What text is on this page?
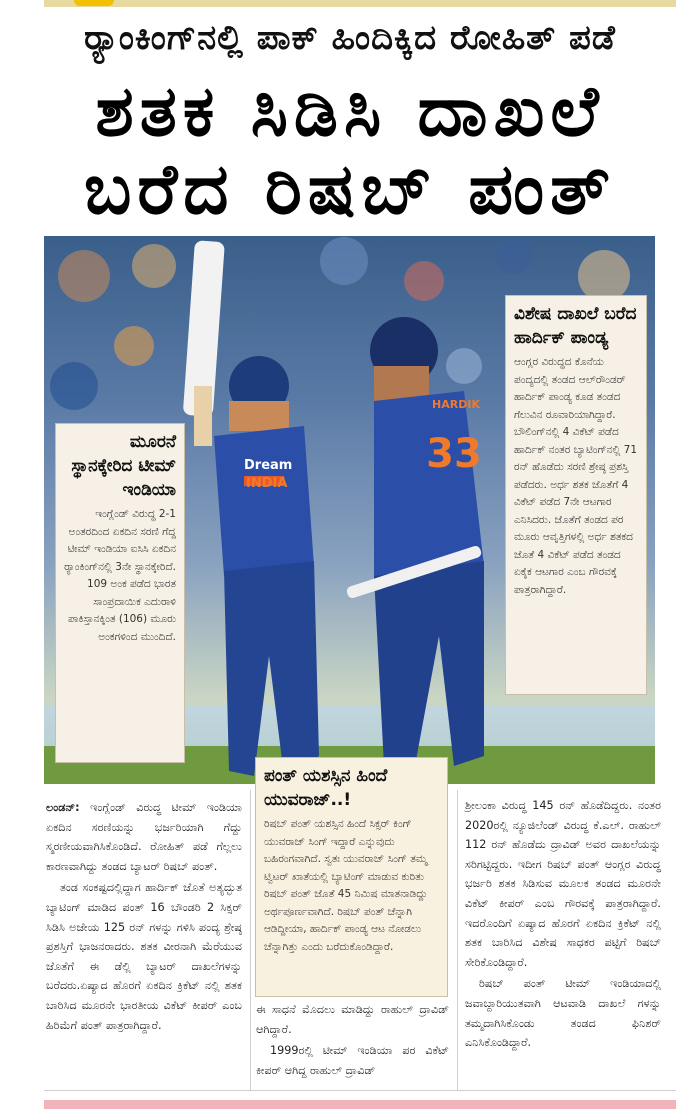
ರ್‍ಯಾಂಕಿಂಗ್‌ನಲ್ಲಿ ಪಾಕ್ ಹಿಂದಿಕ್ಕಿದ ರೋಹಿತ್ ಪಡೆ
ಶತಕ ಸಿಡಿಸಿ ದಾಖಲೆ
ಬರೆದ ರಿಷಬ್ ಪಂತ್
33
HARDIK
Dream
INDIA
ವಿಶೇಷ ದಾಖಲೆ ಬರೆದ ಹಾರ್ದಿಕ್ ಪಾಂಡ್ಯ

ಆಂಗ್ಲರ ವಿರುದ್ಧದ ಕೊನೆಯ ಪಂದ್ಯದಲ್ಲಿ ತಂಡದ ಆಲ್‌ರೌಂಡರ್ ಹಾರ್ದಿಕ್ ಪಾಂಡ್ಯ ಕೂಡ ತಂಡದ ಗೆಲುವಿನ ರೂವಾರಿಯಾಗಿದ್ದಾರೆ. ಬೌಲಿಂಗ್‌ನಲ್ಲಿ 4 ವಿಕೆಟ್ ಪಡೆದ ಹಾರ್ದಿಕ್ ನಂತರ ಬ್ಯಾಟಿಂಗ್‌ನಲ್ಲಿ 71 ರನ್ ಹೊಡೆದು ಸರಣಿ ಶ್ರೇಷ್ಠ ಪ್ರಶಸ್ತಿ ಪಡೆದರು. ಅರ್ಧ ಶತಕ ಜೊತೆಗೆ 4 ವಿಕೆಟ್ ಪಡೆದ 7ನೇ ಆಟಗಾರ ಎನಿಸಿದರು. ಜೊತೆಗೆ ತಂಡದ ಪರ ಮೂರು ಆವೃತ್ತಿಗಳಲ್ಲಿ ಅರ್ಧ ಶತಕದ ಜೊತೆ 4 ವಿಕೆಟ್ ಪಡೆದ ತಂಡದ ಏಕೈಕ ಆಟಗಾರ ಎಂಬ ಗೌರವಕ್ಕೆ ಪಾತ್ರರಾಗಿದ್ದಾರೆ.

ಮೂರನೆ ಸ್ಥಾನಕ್ಕೇರಿದ ಟೀಮ್ ಇಂಡಿಯಾ

ಇಂಗ್ಲೆಂಡ್ ವಿರುದ್ಧ 2-1 ಅಂತರದಿಂದ ಏಕದಿನ ಸರಣಿ ಗೆದ್ದ ಟೀಮ್ ಇಂಡಿಯಾ ಐಸಿಸಿ ಏಕದಿನ ರ್‍ಯಾಂಕಿಂಗ್‌ನಲ್ಲಿ 3ನೇ ಸ್ಥಾನಕ್ಕೇರಿದೆ. 109 ಅಂಕ ಪಡೆದ ಭಾರತ ಸಾಂಪ್ರದಾಯಿಕ ಎದುರಾಳಿ ಪಾಕಿಸ್ತಾನಕ್ಕಿಂತ (106) ಮೂರು ಅಂಕಗಳಿಂದ ಮುಂದಿದೆ.

ಪಂತ್ ಯಶಸ್ಸಿನ ಹಿಂದೆ ಯುವರಾಜ್..!

ರಿಷಬ್ ಪಂತ್ ಯಶಸ್ಸಿನ ಹಿಂದೆ ಸಿಕ್ಸರ್ ಕಿಂಗ್ ಯುವರಾಜ್ ಸಿಂಗ್ ಇದ್ದಾರೆ ಎನ್ನುವುದು ಬಹಿರಂಗವಾಗಿದೆ. ಸ್ವತಃ ಯುವರಾಜ್ ಸಿಂಗ್ ತಮ್ಮ ಟ್ವಿಟರ್ ಖಾತೆಯಲ್ಲಿ ಬ್ಯಾಟಿಂಗ್ ಮಾಡುವ ಕುರಿತು ರಿಷಬ್ ಪಂತ್ ಜೊತೆ 45 ನಿಮಿಷ ಮಾತನಾಡಿದ್ದು ಅರ್ಥಪೂರ್ಣವಾಗಿದೆ. ರಿಷಬ್ ಪಂತ್ ಚೆನ್ನಾಗಿ ಆಡಿದ್ದೀಯಾ, ಹಾರ್ದಿಕ್ ಪಾಂಡ್ಯ ಆಟ ನೋಡಲು ಚೆನ್ನಾಗಿತ್ತು ಎಂದು ಬರೆದುಕೊಂಡಿದ್ದಾರೆ.

ಲಂಡನ್: ಇಂಗ್ಲೆಂಡ್ ವಿರುದ್ಧ ಟೀಮ್ ಇಂಡಿಯಾ ಏಕದಿನ ಸರಣಿಯನ್ನು ಭರ್ಜರಿಯಾಗಿ ಗೆದ್ದು ಸ್ಮರಣೀಯವಾಗಿಸಿಕೊಂಡಿದೆ. ರೋಹಿತ್ ಪಡೆ ಗೆಲ್ಲಲು ಕಾರಣವಾಗಿದ್ದು ತಂಡದ ಬ್ಯಾಟರ್ ರಿಷಬ್ ಪಂತ್.

ತಂಡ ಸಂಕಷ್ಟದಲ್ಲಿದ್ದಾಗ ಹಾರ್ದಿಕ್ ಜೊತೆ ಅತ್ಯದ್ಭುತ ಬ್ಯಾಟಿಂಗ್ ಮಾಡಿದ ಪಂತ್ 16 ಬೌಂಡರಿ 2 ಸಿಕ್ಸರ್ ಸಿಡಿಸಿ ಅಜೇಯ 125 ರನ್ ಗಳನ್ನು ಗಳಿಸಿ ಪಂದ್ಯ ಶ್ರೇಷ್ಠ ಪ್ರಶಸ್ತಿಗೆ ಭಾಜನರಾದರು. ಶತಕ ವೀರನಾಗಿ ಮೆರೆಯುವ ಜೊತೆಗೆ ಈ ಡೆಲ್ಲಿ ಬ್ಯಾಟರ್ ದಾಖಲೆಗಳನ್ನು ಬರೆದರು.ಏಷ್ಯಾದ ಹೊರಗೆ ಏಕದಿನ ಕ್ರಿಕೆಟ್ ನಲ್ಲಿ ಶತಕ ಬಾರಿಸಿದ ಮೂರನೇ ಭಾರತೀಯ ವಿಕೆಟ್ ಕೀಪರ್ ಎಂಬ ಹಿರಿಮೆಗೆ ಪಂತ್ ಪಾತ್ರರಾಗಿದ್ದಾರೆ.

ಈ ಸಾಧನೆ ಮೊದಲು ಮಾಡಿದ್ದು ರಾಹುಲ್ ದ್ರಾವಿಡ್ ಆಗಿದ್ದಾರೆ.

1999ರಲ್ಲಿ ಟೀಮ್ ಇಂಡಿಯಾ ಪರ ವಿಕೆಟ್ ಕೀಪರ್ ಆಗಿದ್ದ ರಾಹುಲ್ ದ್ರಾವಿಡ್

ಶ್ರೀಲಂಕಾ ವಿರುದ್ಧ 145 ರನ್ ಹೊಡೆದಿದ್ದರು. ನಂತರ 2020ರಲ್ಲಿ ನ್ಯೂಜಿಲೆಂಡ್ ವಿರುದ್ಧ ಕೆ.ಎಲ್. ರಾಹುಲ್ 112 ರನ್ ಹೊಡೆದು ದ್ರಾವಿಡ್ ಅವರ ದಾಖಲೆಯನ್ನು ಸರಿಗಟ್ಟಿದ್ದರು. ಇದೀಗ ರಿಷಬ್ ಪಂತ್ ಆಂಗ್ಲರ ವಿರುದ್ಧ ಭರ್ಜರಿ ಶತಕ ಸಿಡಿಸುವ ಮೂಲಕ ತಂಡದ ಮೂರನೇ ವಿಕೆಟ್ ಕೀಪರ್ ಎಂಬ ಗೌರವಕ್ಕೆ ಪಾತ್ರರಾಗಿದ್ದಾರೆ. ಇದರೊಂದಿಗೆ ಏಷ್ಯಾದ ಹೊರಗೆ ಏಕದಿನ ಕ್ರಿಕೆಟ್ ನಲ್ಲಿ ಶತಕ ಬಾರಿಸಿದ ವಿಶೇಷ ಸಾಧಕರ ಪಟ್ಟಿಗೆ ರಿಷಬ್ ಸೇರಿಕೊಂಡಿದ್ದಾರೆ.

ರಿಷಬ್ ಪಂತ್ ಟೀಮ್ ಇಂಡಿಯಾದಲ್ಲಿ ಜವಾಬ್ದಾರಿಯುತವಾಗಿ ಆಟವಾಡಿ ದಾಖಲೆ ಗಳನ್ನು ತಮ್ಮದಾಗಿಸಿಕೊಂಡು ತಂಡದ ಫಿನಿಶರ್ ಎನಿಸಿಕೊಂಡಿದ್ದಾರೆ.
